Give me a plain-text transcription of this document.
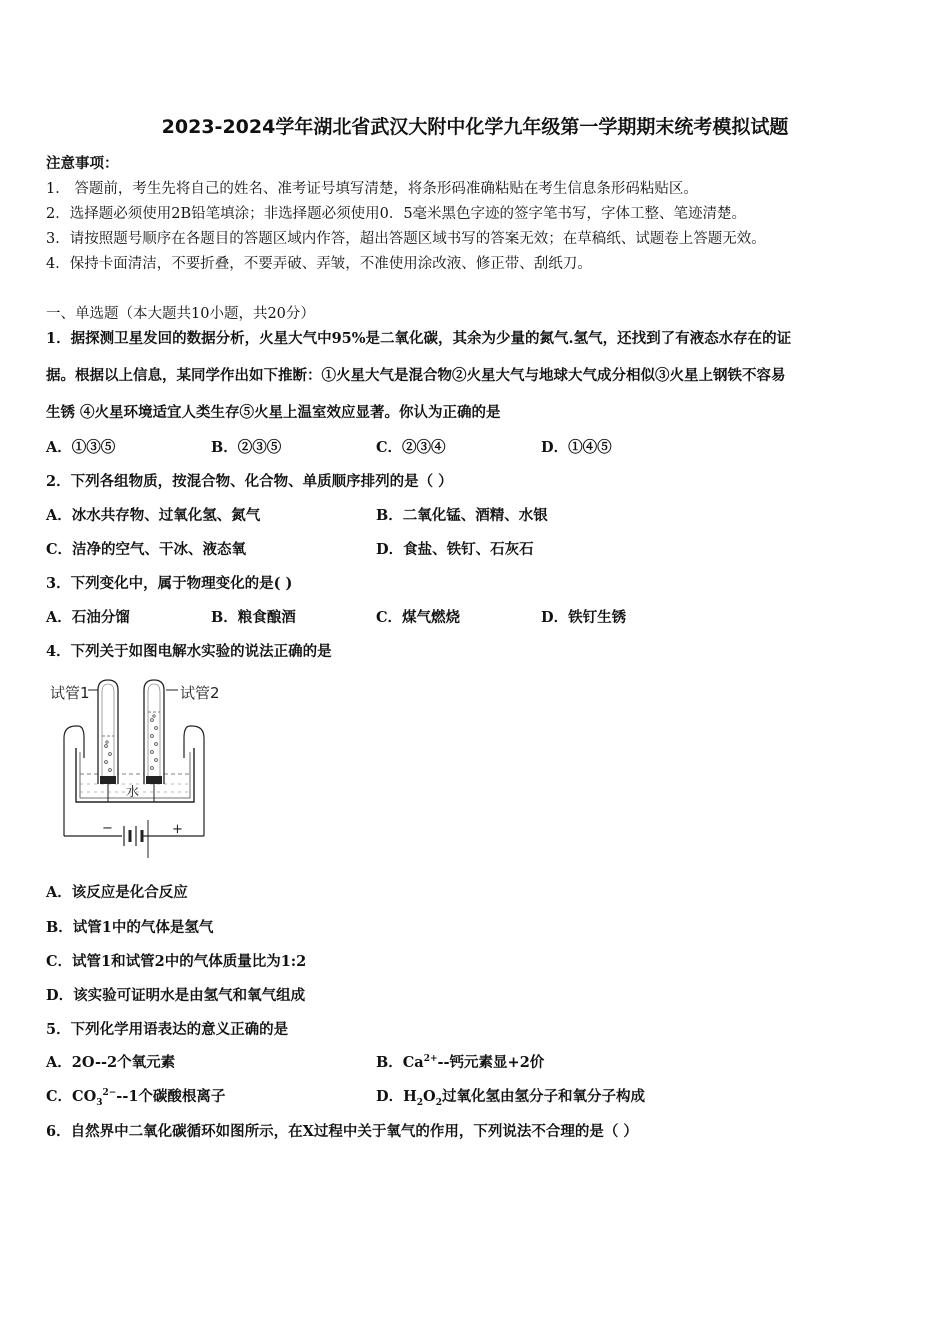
2023-2024学年湖北省武汉大附中化学九年级第一学期期末统考模拟试题
注意事项：
1． 答题前，考生先将自己的姓名、准考证号填写清楚，将条形码准确粘贴在考生信息条形码粘贴区。
2．选择题必须使用2B铅笔填涂；非选择题必须使用0．5毫米黑色字迹的签字笔书写，字体工整、笔迹清楚。
3．请按照题号顺序在各题目的答题区域内作答，超出答题区域书写的答案无效；在草稿纸、试题卷上答题无效。
4．保持卡面清洁，不要折叠，不要弄破、弄皱，不准使用涂改液、修正带、刮纸刀。
一、单选题（本大题共10小题，共20分）
1．据探测卫星发回的数据分析，火星大气中95%是二氧化碳，其余为少量的氮气.氢气，还找到了有液态水存在的证
据。根据以上信息，某同学作出如下推断：①火星大气是混合物②火星大气与地球大气成分相似③火星上钢铁不容易
生锈 ④火星环境适宜人类生存⑤火星上温室效应显著。你认为正确的是
A．①③⑤	B．②③⑤	C．②③④	D．①④⑤
2．下列各组物质，按混合物、化合物、单质顺序排列的是（ ）
A．冰水共存物、过氧化氢、氮气	B．二氧化锰、酒精、水银
C．洁净的空气、干冰、液态氧	D．食盐、铁钉、石灰石
3．下列变化中，属于物理变化的是( )
A．石油分馏	B．粮食酿酒	C．煤气燃烧	D．铁钉生锈
4．下列关于如图电解水实验的说法正确的是
试管1	试管2
水
−	+
A．该反应是化合反应
B．试管1中的气体是氢气
C．试管1和试管2中的气体质量比为1:2
D．该实验可证明水是由氢气和氧气组成
5．下列化学用语表达的意义正确的是
A．2O--2个氧元素	B．$Ca^{2+}--$钙元素显+2价
C．$CO_3^{2-}--1$个碳酸根离子	D．$H_2O_2$过氧化氢由氢分子和氧分子构成
6．自然界中二氧化碳循环如图所示，在X过程中关于氧气的作用，下列说法不合理的是（ ）
